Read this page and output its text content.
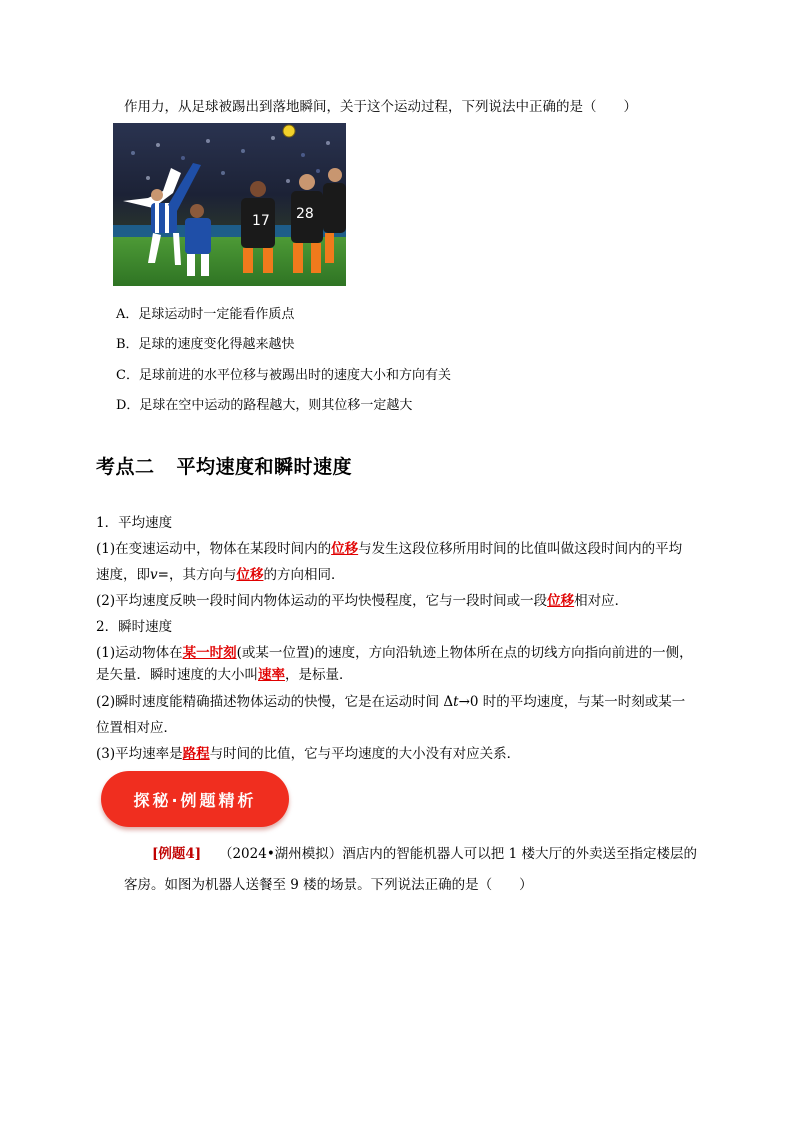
作用力，从足球被踢出到落地瞬间，关于这个运动过程，下列说法中正确的是（　　）
17 28
A．足球运动时一定能看作质点
B．足球的速度变化得越来越快
C．足球前进的水平位移与被踢出时的速度大小和方向有关
D．足球在空中运动的路程越大，则其位移一定越大
考点二 平均速度和瞬时速度
1．平均速度
(1)在变速运动中，物体在某段时间内的位移与发生这段位移所用时间的比值叫做这段时间内的平均
速度，即v=，其方向与位移的方向相同．
(2)平均速度反映一段时间内物体运动的平均快慢程度，它与一段时间或一段位移相对应．
2．瞬时速度
(1)运动物体在某一时刻(或某一位置)的速度，方向沿轨迹上物体所在点的切线方向指向前进的一侧，
是矢量．瞬时速度的大小叫速率，是标量．
(2)瞬时速度能精确描述物体运动的快慢，它是在运动时间 Δt→0 时的平均速度，与某一时刻或某一
位置相对应．
(3)平均速率是路程与时间的比值，它与平均速度的大小没有对应关系．
探秘·例题精析
[例题4]　 （2024•湖州模拟）酒店内的智能机器人可以把 1 楼大厅的外卖送至指定楼层的
客房。如图为机器人送餐至 9 楼的场景。下列说法正确的是（　　）
